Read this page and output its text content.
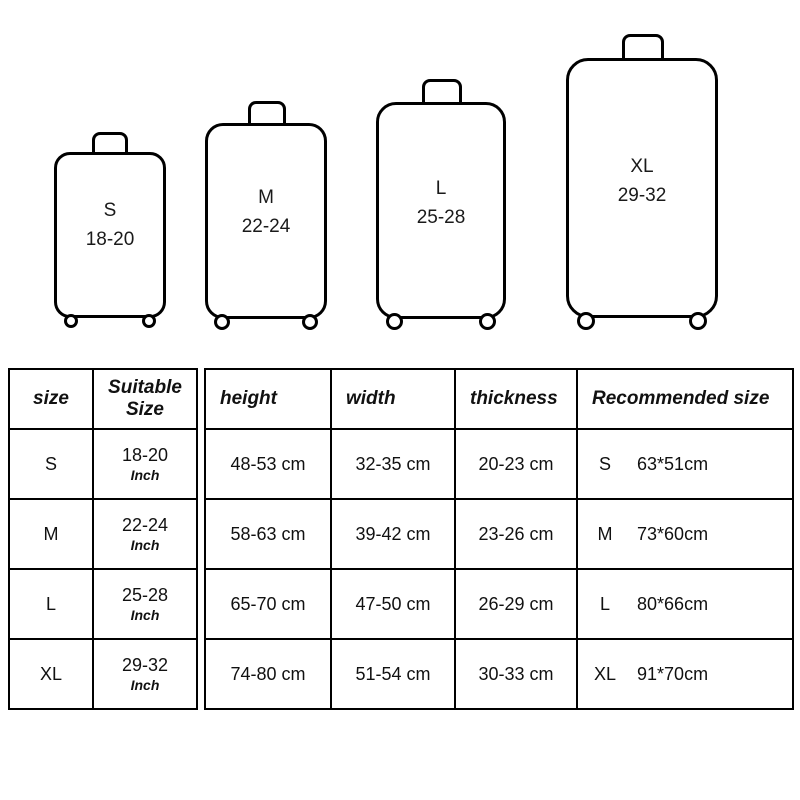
S
18-20
M
22-24
L
25-28
XL
29-32
size	Suitable Size
S	18-20
Inch

M	22-24
Inch

L	25-28
Inch

XL	29-32
Inch
height	width	thickness	Recommended size
48-53 cm	32-35 cm	20-23 cm	S 63*51cm
58-63 cm	39-42 cm	23-26 cm	M 73*60cm
65-70 cm	47-50 cm	26-29 cm	L 80*66cm
74-80 cm	51-54 cm	30-33 cm	XL 91*70cm
